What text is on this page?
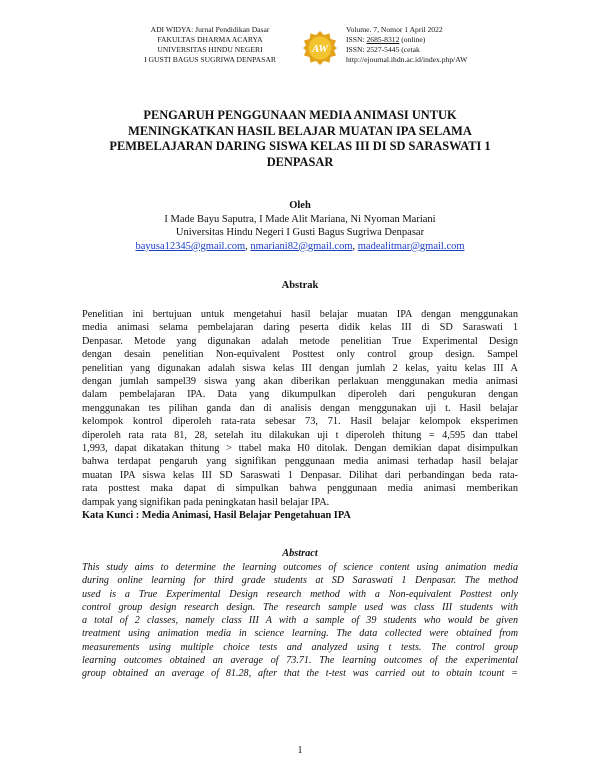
ADI WIDYA: Jurnal Pendidikan Dasar
FAKULTAS DHARMA ACARYA
UNIVERSITAS HINDU NEGERI
I GUSTI BAGUS SUGRIWA DENPASAR
AW
Volume. 7, Nomor 1 April 2022
ISSN: 2685-8312 (online)
ISSN: 2527-5445 (cetak
http://ejournal.ihdn.ac.id/index.php/AW
PENGARUH PENGGUNAAN MEDIA ANIMASI UNTUK
MENINGKATKAN HASIL BELAJAR MUATAN IPA SELAMA
PEMBELAJARAN DARING SISWA KELAS III DI SD SARASWATI 1
DENPASAR
Oleh
I Made Bayu Saputra, I Made Alit Mariana, Ni Nyoman Mariani
Universitas Hindu Negeri I Gusti Bagus Sugriwa Denpasar
bayusa12345@gmail.com, nmariani82@gmail.com, madealitmar@gmail.com
Abstrak
Penelitian ini bertujuan untuk mengetahui hasil belajar muatan IPA dengan menggunakan
media animasi selama pembelajaran daring peserta didik kelas III di SD Saraswati 1
Denpasar. Metode yang digunakan adalah metode penelitian True Experimental Design
dengan desain penelitian Non-equivalent Posttest only control group design. Sampel
penelitian yang digunakan adalah siswa kelas III dengan jumlah 2 kelas, yaitu kelas III A
dengan jumlah sampel39 siswa yang akan diberikan perlakuan menggunakan media animasi
dalam pembelajaran IPA. Data yang dikumpulkan diperoleh dari pengukuran dengan
menggunakan tes pilihan ganda dan di analisis dengan menggunakan uji t. Hasil belajar
kelompok kontrol diperoleh rata-rata sebesar 73, 71. Hasil belajar kelompok eksperimen
diperoleh rata rata 81, 28, setelah itu dilakukan uji t diperoleh thitung = 4,595 dan ttabel
1,993, dapat dikatakan thitung > ttabel maka H0 ditolak. Dengan demikian dapat disimpulkan
bahwa terdapat pengaruh yang signifikan penggunaan media animasi terhadap hasil belajar
muatan IPA siswa kelas III SD Saraswati 1 Denpasar. Dilihat dari perbandingan beda rata-
rata posttest maka dapat di simpulkan bahwa penggunaan media animasi memberikan
dampak yang signifikan pada peningkatan hasil belajar IPA.
Kata Kunci : Media Animasi, Hasil Belajar Pengetahuan IPA
Abstract
This study aims to determine the learning outcomes of science content using animation media
during online learning for third grade students at SD Saraswati 1 Denpasar. The method
used is a True Experimental Design research method with a Non-equivalent Posttest only
control group design research design. The research sample used was class III students with
a total of 2 classes, namely class III A with a sample of 39 students who would be given
treatment using animation media in science learning. The data collected were obtained from
measurements using multiple choice tests and analyzed using t tests. The control group
learning outcomes obtained an average of 73.71. The learning outcomes of the experimental
group obtained an average of 81.28, after that the t-test was carried out to obtain tcount =
1
